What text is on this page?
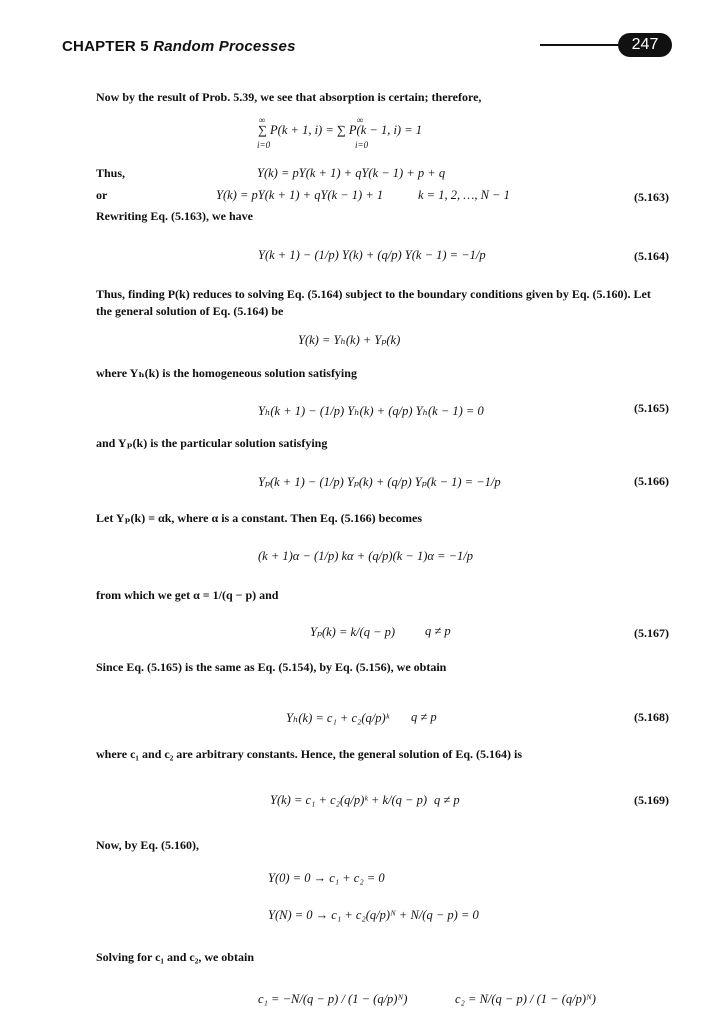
CHAPTER 5 Random Processes	247
Now by the result of Prob. 5.39, we see that absorption is certain; therefore,
∑ P(k + 1, i) = ∑ P(k − 1, i) = 1
∞
i=0
∞
i=0
Thus,	Y(k) = pY(k + 1) + qY(k − 1) + p + q
or	Y(k) = pY(k + 1) + qY(k − 1) + 1	k = 1, 2, …, N − 1	(5.163)
Rewriting Eq. (5.163), we have
Y(k + 1) − (1/p) Y(k) + (q/p) Y(k − 1) = −1/p	(5.164)
Thus, finding P(k) reduces to solving Eq. (5.164) subject to the boundary conditions given by Eq. (5.160). Let the general solution of Eq. (5.164) be
Y(k) = Yₕ(k) + Yₚ(k)
where Yₕ(k) is the homogeneous solution satisfying
Yₕ(k + 1) − (1/p) Yₕ(k) + (q/p) Yₕ(k − 1) = 0	(5.165)
and Yₚ(k) is the particular solution satisfying
Yₚ(k + 1) − (1/p) Yₚ(k) + (q/p) Yₚ(k − 1) = −1/p	(5.166)
Let Yₚ(k) = αk, where α is a constant. Then Eq. (5.166) becomes
(k + 1)α − (1/p) kα + (q/p)(k − 1)α = −1/p
from which we get α = 1/(q − p) and
Yₚ(k) = k/(q − p) q ≠ p	(5.167)
Since Eq. (5.165) is the same as Eq. (5.154), by Eq. (5.156), we obtain
Yₕ(k) = c₁ + c₂(q/p)ᵏ q ≠ p	(5.168)
where c₁ and c₂ are arbitrary constants. Hence, the general solution of Eq. (5.164) is
Y(k) = c₁ + c₂(q/p)ᵏ + k/(q − p) q ≠ p	(5.169)
Now, by Eq. (5.160),
Y(0) = 0 → c₁ + c₂ = 0
Y(N) = 0 → c₁ + c₂(q/p)ᴺ + N/(q − p) = 0
Solving for c₁ and c₂, we obtain
c₁ = −N/(q − p) / (1 − (q/p)ᴺ)	c₂ = N/(q − p) / (1 − (q/p)ᴺ)
